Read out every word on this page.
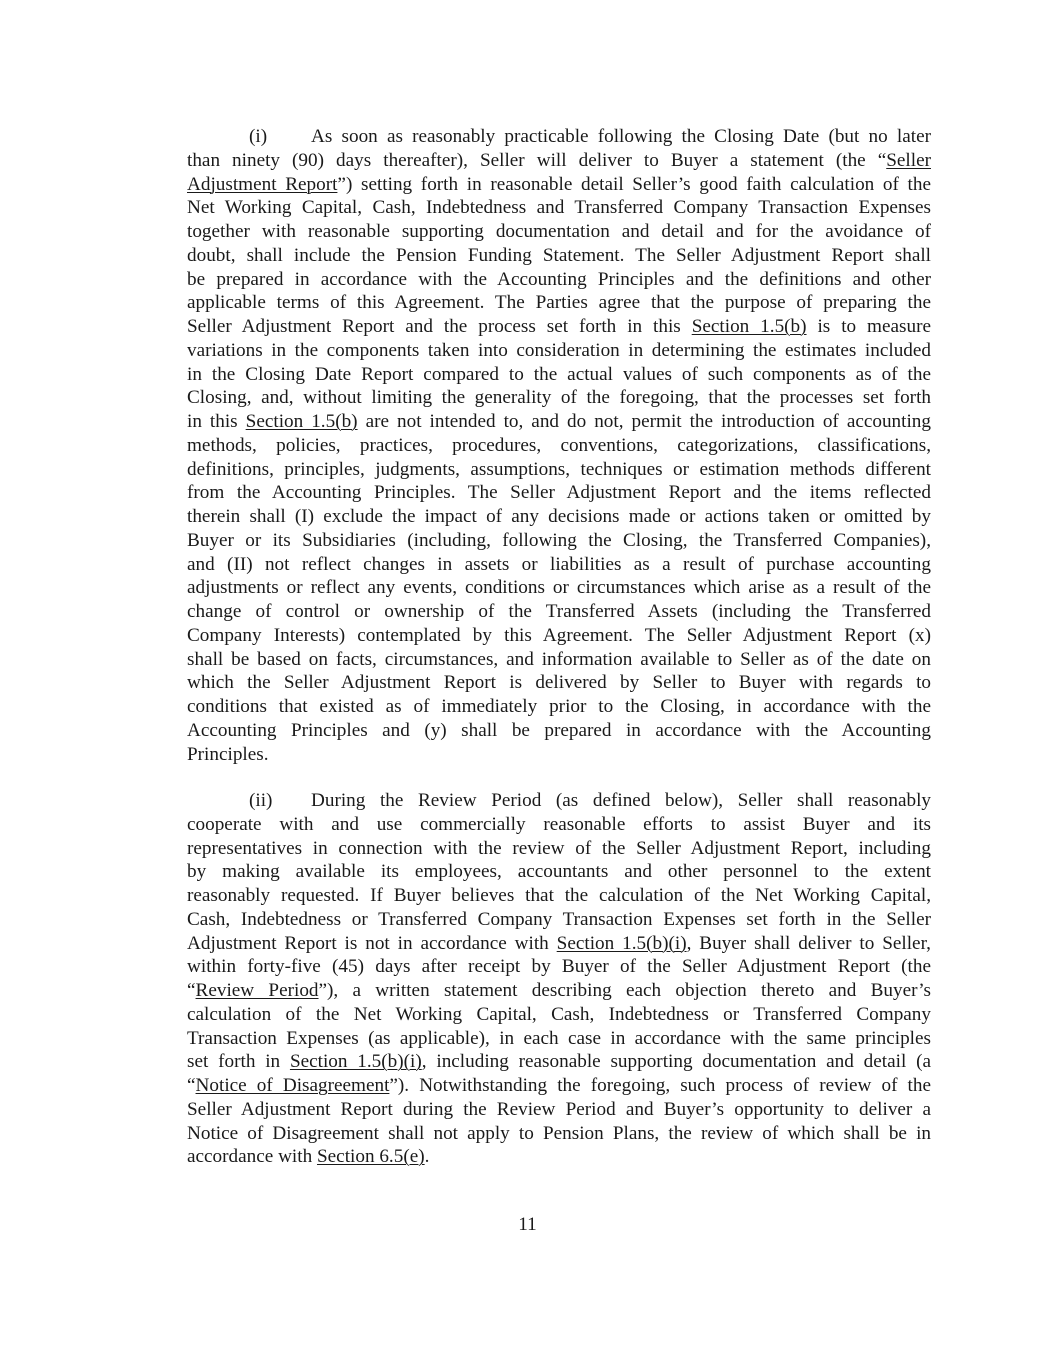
(i) As soon as reasonably practicable following the Closing Date (but no later
than ninety (90) days thereafter), Seller will deliver to Buyer a statement (the “Seller
Adjustment Report”) setting forth in reasonable detail Seller’s good faith calculation of the
Net Working Capital, Cash, Indebtedness and Transferred Company Transaction Expenses
together with reasonable supporting documentation and detail and for the avoidance of
doubt, shall include the Pension Funding Statement. The Seller Adjustment Report shall
be prepared in accordance with the Accounting Principles and the definitions and other
applicable terms of this Agreement. The Parties agree that the purpose of preparing the
Seller Adjustment Report and the process set forth in this Section 1.5(b) is to measure
variations in the components taken into consideration in determining the estimates included
in the Closing Date Report compared to the actual values of such components as of the
Closing, and, without limiting the generality of the foregoing, that the processes set forth
in this Section 1.5(b) are not intended to, and do not, permit the introduction of accounting
methods, policies, practices, procedures, conventions, categorizations, classifications,
definitions, principles, judgments, assumptions, techniques or estimation methods different
from the Accounting Principles. The Seller Adjustment Report and the items reflected
therein shall (I) exclude the impact of any decisions made or actions taken or omitted by
Buyer or its Subsidiaries (including, following the Closing, the Transferred Companies),
and (II) not reflect changes in assets or liabilities as a result of purchase accounting
adjustments or reflect any events, conditions or circumstances which arise as a result of the
change of control or ownership of the Transferred Assets (including the Transferred
Company Interests) contemplated by this Agreement. The Seller Adjustment Report (x)
shall be based on facts, circumstances, and information available to Seller as of the date on
which the Seller Adjustment Report is delivered by Seller to Buyer with regards to
conditions that existed as of immediately prior to the Closing, in accordance with the
Accounting Principles and (y) shall be prepared in accordance with the Accounting
Principles.
(ii) During the Review Period (as defined below), Seller shall reasonably
cooperate with and use commercially reasonable efforts to assist Buyer and its
representatives in connection with the review of the Seller Adjustment Report, including
by making available its employees, accountants and other personnel to the extent
reasonably requested. If Buyer believes that the calculation of the Net Working Capital,
Cash, Indebtedness or Transferred Company Transaction Expenses set forth in the Seller
Adjustment Report is not in accordance with Section 1.5(b)(i), Buyer shall deliver to Seller,
within forty-five (45) days after receipt by Buyer of the Seller Adjustment Report (the
“Review Period”), a written statement describing each objection thereto and Buyer’s
calculation of the Net Working Capital, Cash, Indebtedness or Transferred Company
Transaction Expenses (as applicable), in each case in accordance with the same principles
set forth in Section 1.5(b)(i), including reasonable supporting documentation and detail (a
“Notice of Disagreement”). Notwithstanding the foregoing, such process of review of the
Seller Adjustment Report during the Review Period and Buyer’s opportunity to deliver a
Notice of Disagreement shall not apply to Pension Plans, the review of which shall be in
accordance with Section 6.5(e).
11
